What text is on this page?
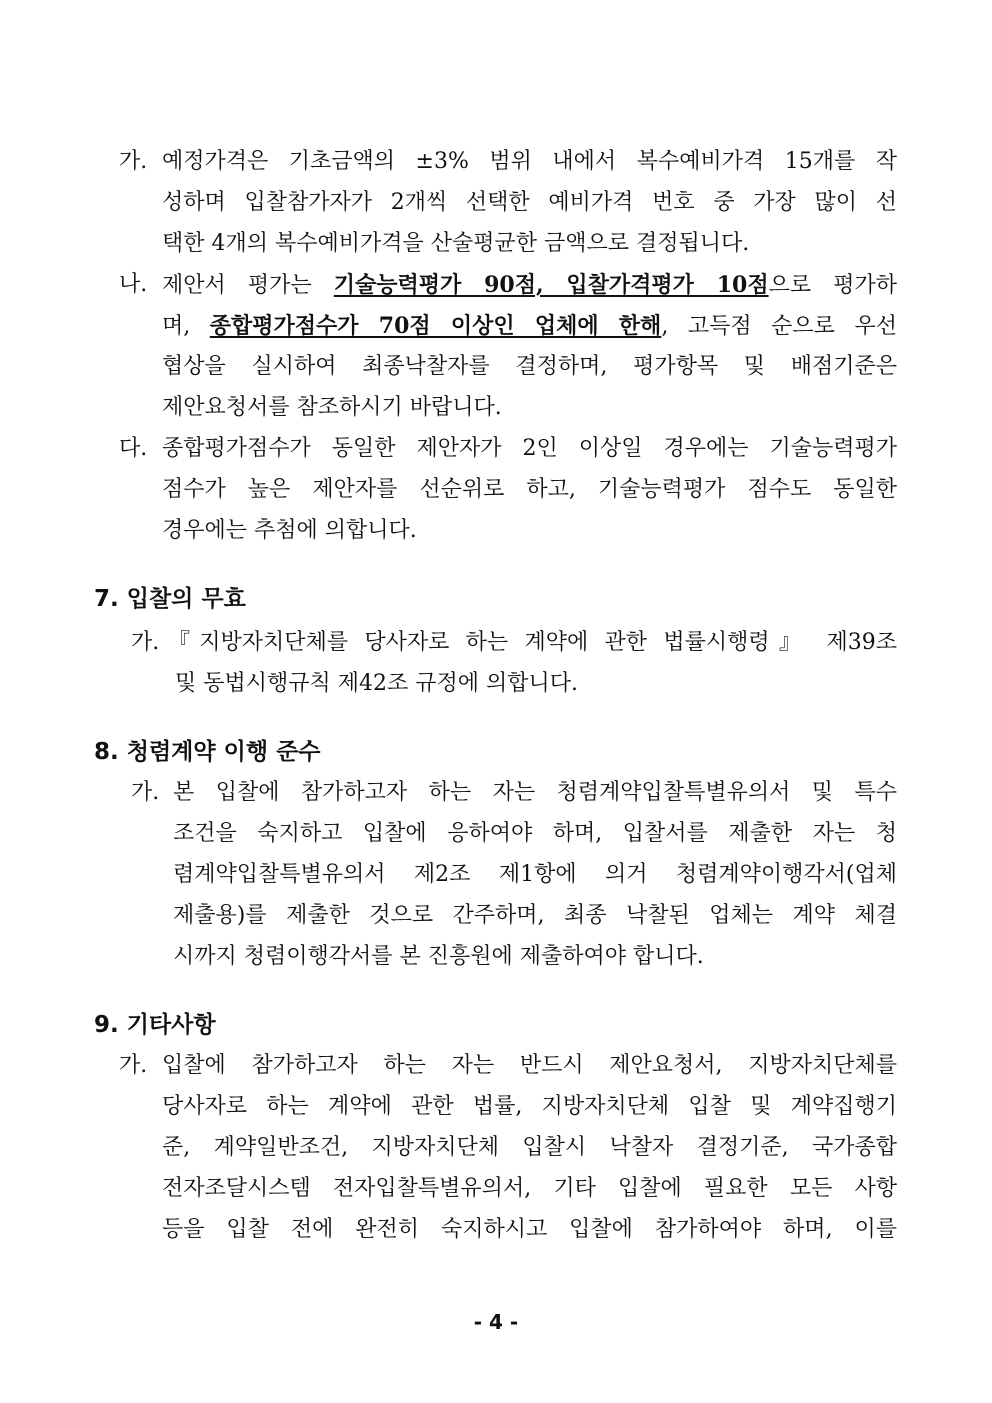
가. 예정가격은 기초금액의 ±3% 범위 내에서 복수예비가격 15개를 작
성하며 입찰참가자가 2개씩 선택한 예비가격 번호 중 가장 많이 선
택한 4개의 복수예비가격을 산술평균한 금액으로 결정됩니다.
나. 제안서 평가는 기술능력평가 90점, 입찰가격평가 10점으로 평가하
며, 종합평가점수가 70점 이상인 업체에 한해, 고득점 순으로 우선
협상을 실시하여 최종낙찰자를 결정하며, 평가항목 및 배점기준은
제안요청서를 참조하시기 바랍니다.
다. 종합평가점수가 동일한 제안자가 2인 이상일 경우에는 기술능력평가
점수가 높은 제안자를 선순위로 하고, 기술능력평가 점수도 동일한
경우에는 추첨에 의합니다.
7. 입찰의 무효
가. 『지방자치단체를 당사자로 하는 계약에 관한 법률시행령』 제39조
및 동법시행규칙 제42조 규정에 의합니다.
8. 청렴계약 이행 준수
가. 본 입찰에 참가하고자 하는 자는 청렴계약입찰특별유의서 및 특수
조건을 숙지하고 입찰에 응하여야 하며, 입찰서를 제출한 자는 청
렴계약입찰특별유의서 제2조 제1항에 의거 청렴계약이행각서(업체
제출용)를 제출한 것으로 간주하며, 최종 낙찰된 업체는 계약 체결
시까지 청렴이행각서를 본 진흥원에 제출하여야 합니다.
9. 기타사항
가. 입찰에 참가하고자 하는 자는 반드시 제안요청서, 지방자치단체를
당사자로 하는 계약에 관한 법률, 지방자치단체 입찰 및 계약집행기
준, 계약일반조건, 지방자치단체 입찰시 낙찰자 결정기준, 국가종합
전자조달시스템 전자입찰특별유의서, 기타 입찰에 필요한 모든 사항
등을 입찰 전에 완전히 숙지하시고 입찰에 참가하여야 하며, 이를
- 4 -
